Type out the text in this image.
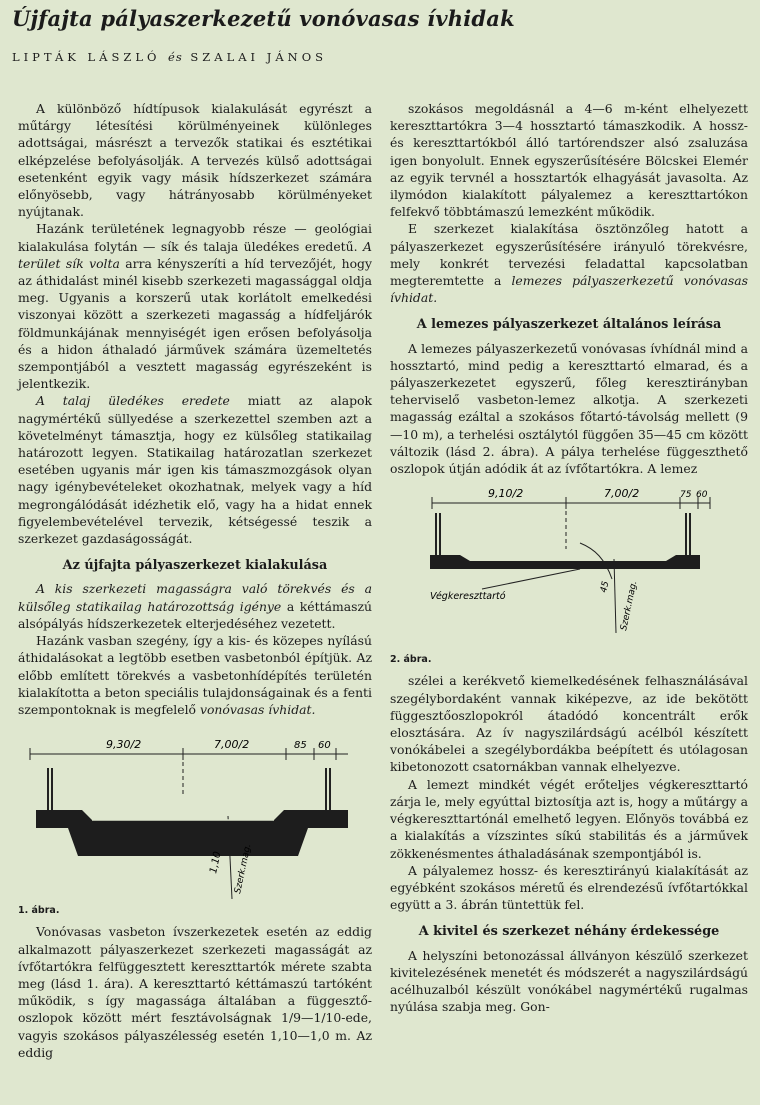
Újfajta pályaszerkezetű vonóvasas ívhidak
LIPTÁK LÁSZLÓ és SZALAI JÁNOS

A különböző hídtípusok kialakulását egyrészt a műtárgy létesítési körülményeinek különleges adottságai, másrészt a tervezők statikai és esztétikai elképzelése befolyásolják. A tervezés külső adottságai esetenként egyik vagy másik hídszerkezet számára előnyösebb, vagy hátrányosabb körülményeket nyújtanak.

Hazánk területének legnagyobb része — geológiai kialakulása folytán — sík és talaja üledékes eredetű. A terület sík volta arra kényszeríti a híd tervezőjét, hogy az áthidalást minél kisebb szerkezeti magassággal oldja meg. Ugyanis a korszerű utak korlátolt emelkedési viszonyai között a szerkezeti magasság a hídfeljárók földmunkájának mennyiségét igen erősen befolyásolja és a hidon áthaladó járművek számára üzemeltetés szempontjából a vesztett magasság egyrészeként is jelentkezik.

A talaj üledékes eredete miatt az alapok nagymértékű süllyedése a szerkezettel szemben azt a követelményt támasztja, hogy ez külsőleg statikailag határozott legyen. Statikailag határozatlan szerkezet esetében ugyanis már igen kis támaszmozgások olyan nagy igénybevételeket okozhatnak, melyek vagy a híd megrongálódását idézhetik elő, vagy ha a hidat ennek figyelembevételével tervezik, kétségessé teszik a szerkezet gazdaságosságát.

Az újfajta pályaszerkezet kialakulása

A kis szerkezeti magasságra való törekvés és a külsőleg statikailag határozottság igénye a kéttámaszú alsópályás hídszerkezetek elterjedéséhez vezetett.

Hazánk vasban szegény, így a kis- és közepes nyílású áthidalásokat a legtöbb esetben vasbetonból építjük. Az előbb említett törekvés a vasbetonhídépítés területén kialakította a beton speciális tulajdonságainak és a fenti szempontoknak is megfelelő vonóvasas ívhidat.

9,30/2	7,00/2	85 60
1,10 Szerk.mag.
1. ábra.

Vonóvasas vasbeton ívszerkezetek esetén az eddig alkalmazott pályaszerkezet szerkezeti magasságát az ívfőtartókra felfüggesztett kereszttartók mérete szabta meg (lásd 1. ára). A kereszttartó kéttámaszú tartóként működik, s így magassága általában a függesztő-oszlopok között mért fesztávolságnak 1/9—1/10-ede, vagyis szokásos pályaszélesség esetén 1,10—1,0 m. Az eddig

szokásos megoldásnál a 4—6 m-ként elhelyezett kereszttartókra 3—4 hossztartó támaszkodik. A hossz- és kereszttartókból álló tartórendszer alsó zsaluzása igen bonyolult. Ennek egyszerűsítésére Bölcskei Elemér az egyik tervnél a hossztartók elhagyását javasolta. Az ilymódon kialakított pályalemez a kereszttartókon felfekvő többtámaszú lemezként működik.

E szerkezet kialakítása ösztönzőleg hatott a pályaszerkezet egyszerűsítésére irányuló törekvésre, mely konkrét tervezési feladattal kapcsolatban megteremtette a lemezes pályaszerkezetű vonóvasas ívhidat.

A lemezes pályaszerkezet általános leírása

A lemezes pályaszerkezetű vonóvasas ívhídnál mind a hossztartó, mind pedig a kereszttartó elmarad, és a pályaszerkezetet egyszerű, főleg keresztirányban teherviselő vasbeton-lemez alkotja. A szerkezeti magasság ezáltal a szokásos főtartó-távolság mellett (9—10 m), a terhelési osztálytól függően 35—45 cm között változik (lásd 2. ábra). A pálya terhelése függeszthető oszlopok útján adódik át az ívfőtartókra. A lemez

9,10/2	7,00/2	75 60
45
Végkereszttartó	Szerk.mag.
2. ábra.

szélei a kerékvető kiemelkedésének felhasználásával szegélybordaként vannak kiképezve, az ide bekötött függesztőoszlopokról átadódó koncentrált erők elosztására. Az ív nagyszilárdságú acélból készített vonókábelei a szegélybordákba beépített és utólagosan kibetonozott csatornákban vannak elhelyezve.

A lemezt mindkét végét erőteljes végkereszttartó zárja le, mely egyúttal biztosítja azt is, hogy a műtárgy a végkereszttartónál emelhető legyen. Előnyös továbbá ez a kialakítás a vízszintes síkú stabilitás és a járművek zökkenésmentes áthaladásának szempontjából is.

A pályalemez hossz- és keresztirányú kialakítását az egyébként szokásos méretű és elrendezésű ívfőtartókkal együtt a 3. ábrán tüntettük fel.

A kivitel és szerkezet néhány érdekessége

A helyszíni betonozással állványon készülő szerkezet kivitelezésének menetét és módszerét a nagyszilárdságú acélhuzalból készült vonókábel nagymértékű rugalmas nyúlása szabja meg. Gon-
